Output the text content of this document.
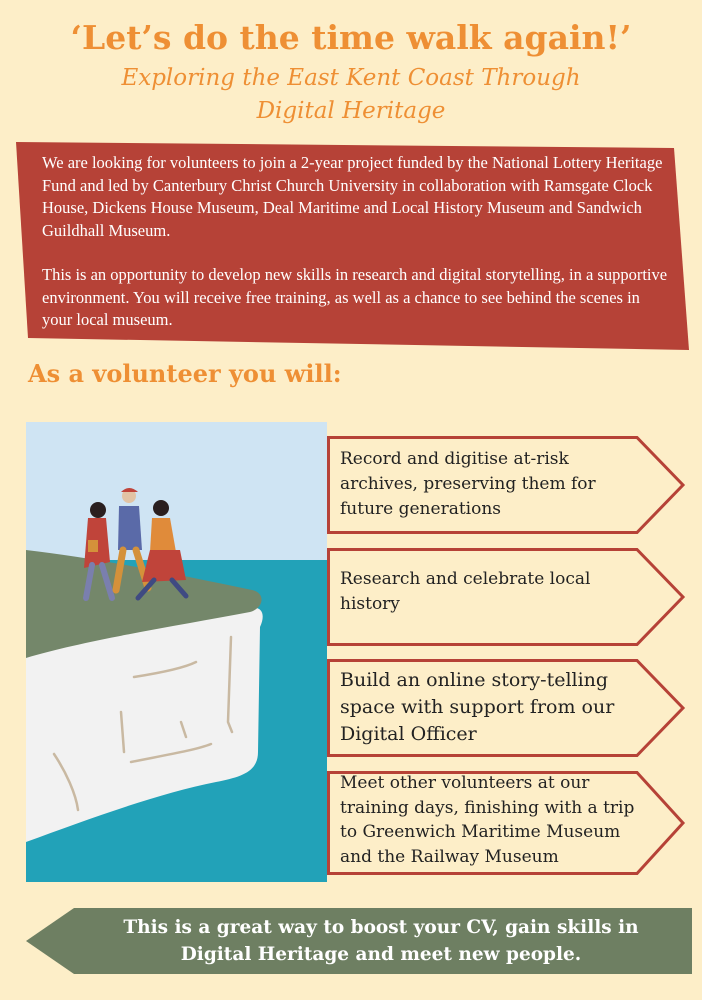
‘Let’s do the time walk again!’
Exploring the East Kent Coast Through Digital Heritage

We are looking for volunteers to join a 2-year project funded by the National Lottery Heritage Fund and led by Canterbury Christ Church University in collaboration with Ramsgate Clock House, Dickens House Museum, Deal Maritime and Local History Museum and Sandwich Guildhall Museum.

This is an opportunity to develop new skills in research and digital storytelling, in a supportive environment. You will receive free training, as well as a chance to see behind the scenes in your local museum.

As a volunteer you will:
Record and digitise at-risk archives, preserving them for future generations
Research and celebrate local history
Build an online story-telling space with support from our Digital Officer
Meet other volunteers at our training days, finishing with a trip to Greenwich Maritime Museum and the Railway Museum
This is a great way to boost your CV, gain skills in Digital Heritage and meet new people.
